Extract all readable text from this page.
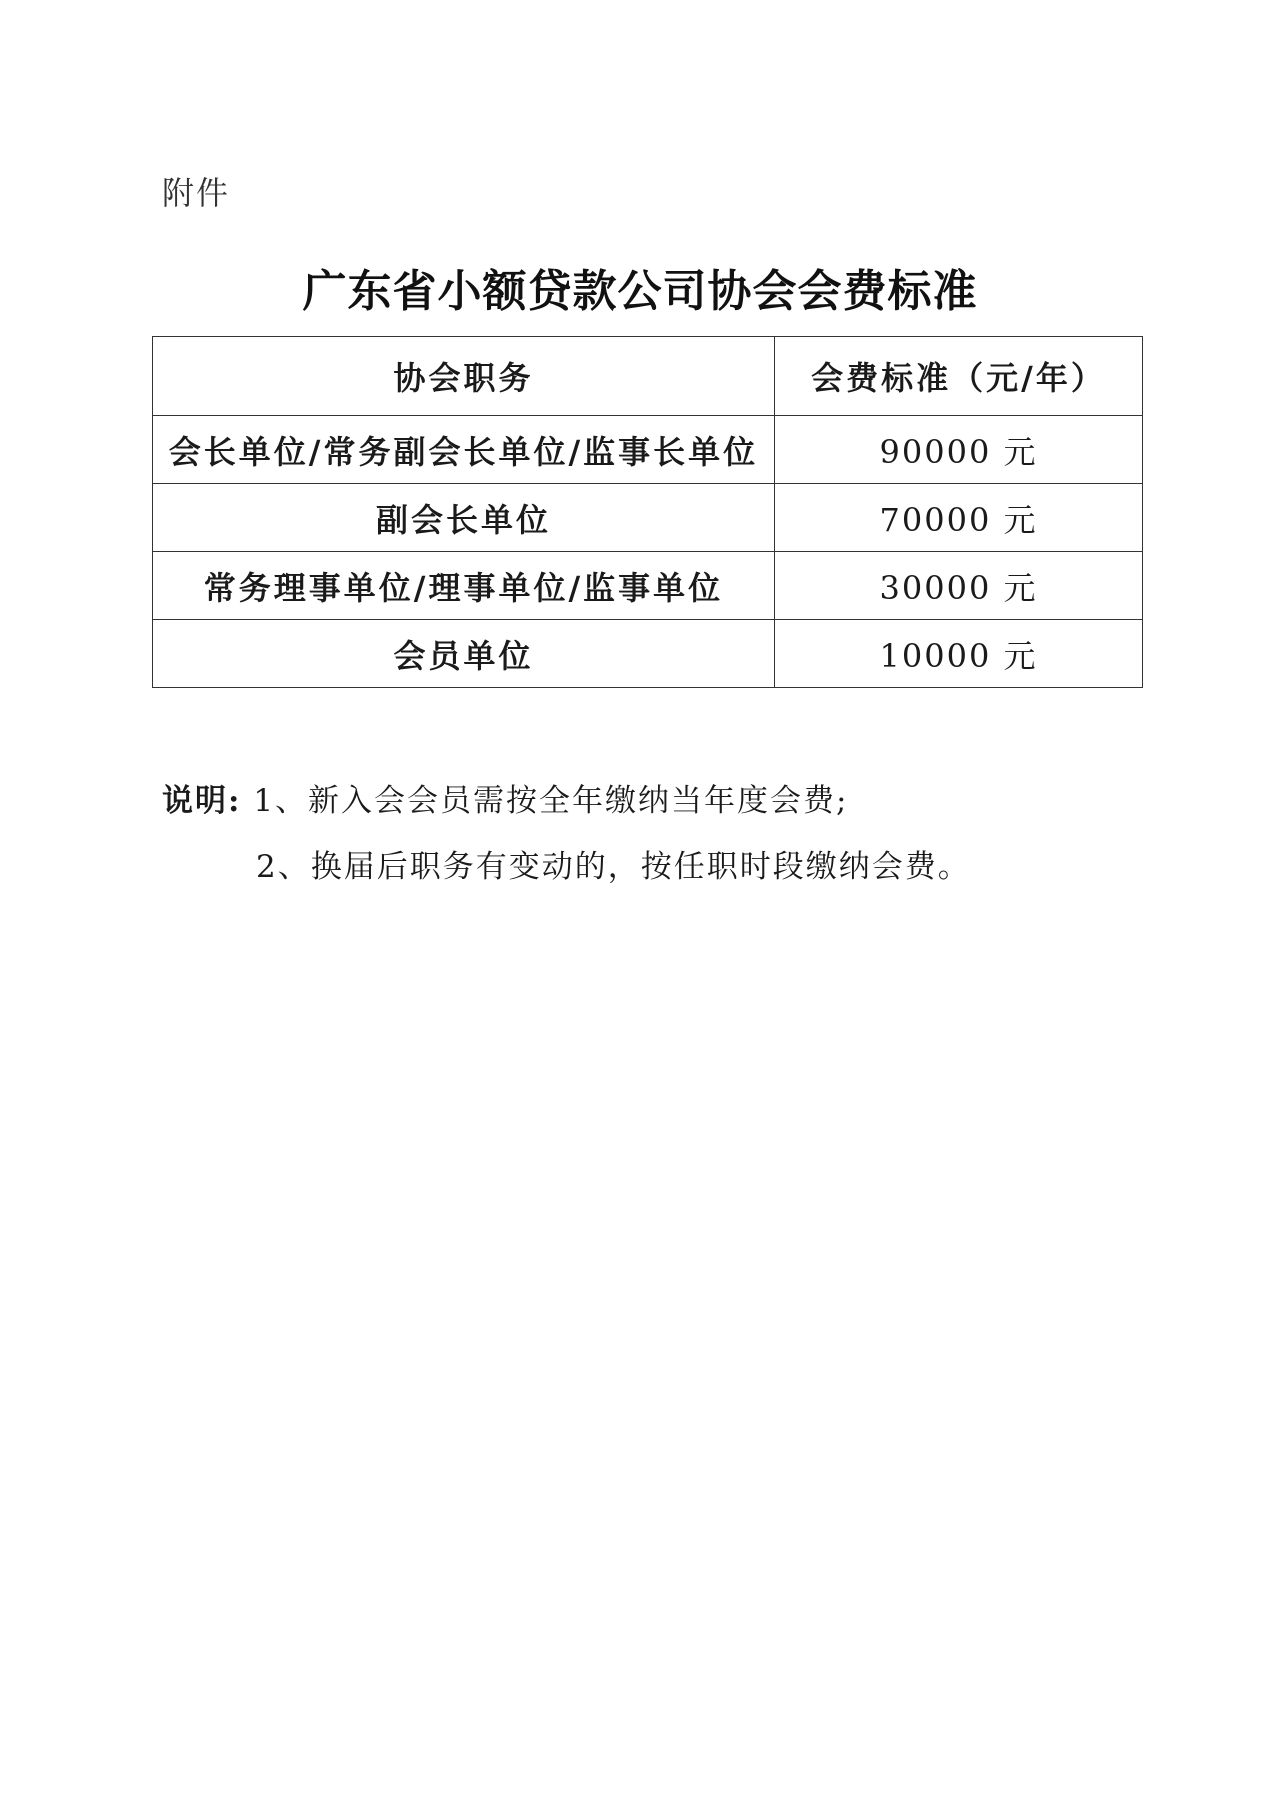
附件
广东省小额贷款公司协会会费标准
协会职务	会费标准（元/年）
会长单位/常务副会长单位/监事长单位	90000 元
副会长单位	70000 元
常务理事单位/理事单位/监事单位	30000 元
会员单位	10000 元
说明: 1、新入会会员需按全年缴纳当年度会费;
2、换届后职务有变动的，按任职时段缴纳会费。
